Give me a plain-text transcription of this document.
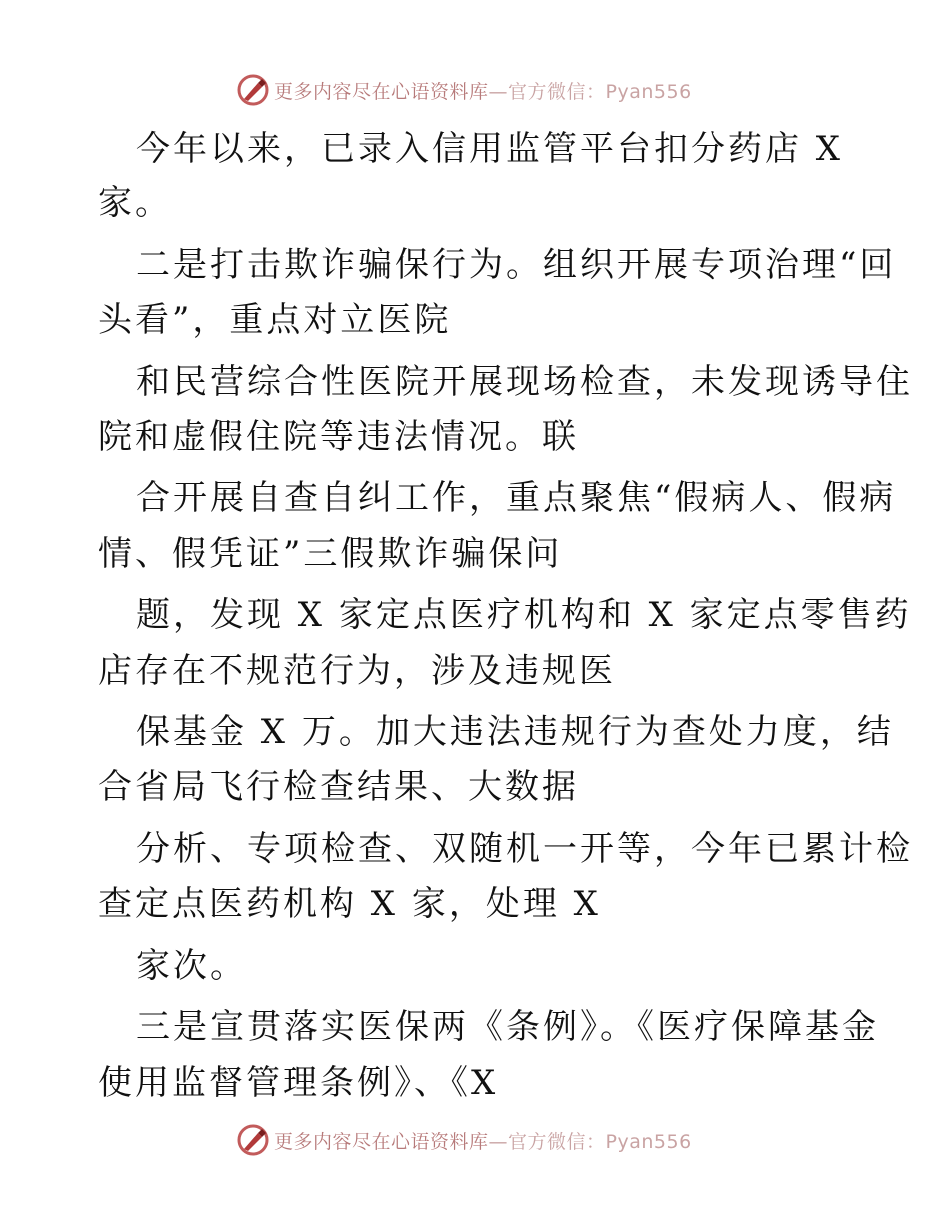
更多内容尽在心语资料库—官方微信：Pyan556
今年以来，已录入信用监管平台扣分药店 X
家。
二是打击欺诈骗保行为。组织开展专项治理“回
头看”，重点对立医院
和民营综合性医院开展现场检查，未发现诱导住
院和虚假住院等违法情况。联
合开展自查自纠工作，重点聚焦“假病人、假病
情、假凭证”三假欺诈骗保问
题，发现 X 家定点医疗机构和 X 家定点零售药
店存在不规范行为，涉及违规医
保基金 X 万。加大违法违规行为查处力度，结
合省局飞行检查结果、大数据
分析、专项检查、双随机一开等，今年已累计检
查定点医药机构 X 家，处理 X
家次。
三是宣贯落实医保两《条例》。《医疗保障基金
使用监督管理条例》、《X
更多内容尽在心语资料库—官方微信：Pyan556
